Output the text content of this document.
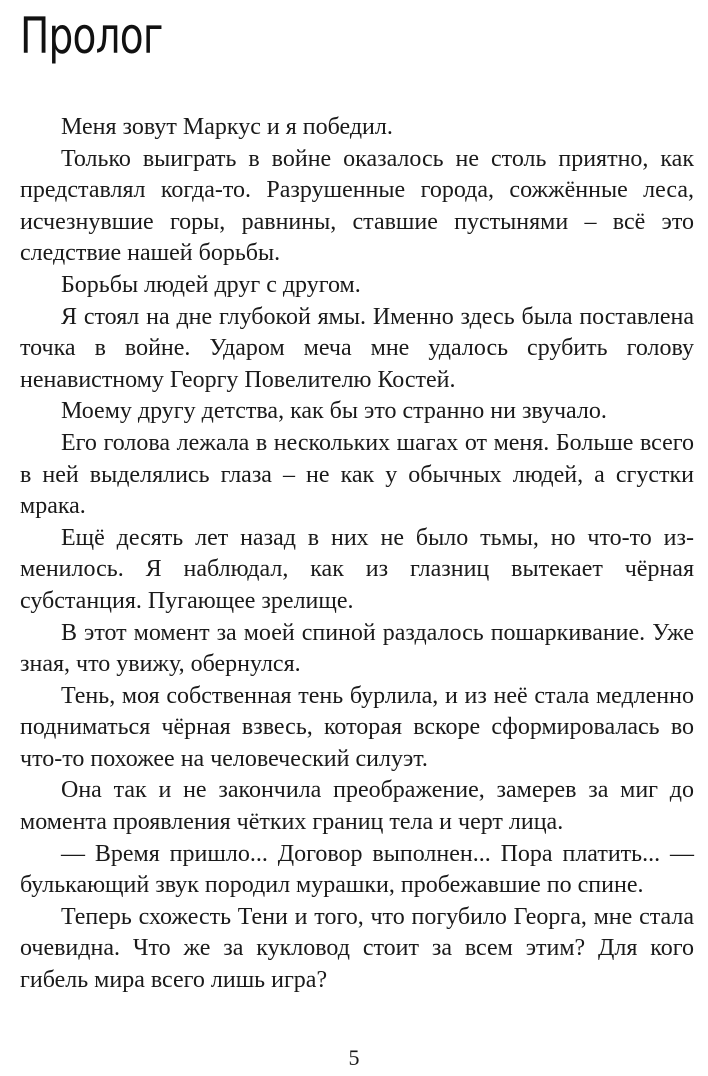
Пролог

Меня зовут Маркус и я победил.

Только выиграть в войне оказалось не столь приятно, как представлял когда-то. Разрушенные города, сожжённые леса, исчезнувшие горы, равнины, ставшие пустынями – всё это следствие нашей борьбы.

Борьбы людей друг с другом.

Я стоял на дне глубокой ямы. Именно здесь была поставлена точка в войне. Ударом меча мне удалось срубить голову ненавистному Георгу Повелителю Костей.

Моему другу детства, как бы это странно ни звучало.

Его голова лежала в нескольких шагах от меня. Больше всего в ней выделялись глаза – не как у обычных людей, а сгустки мрака.

Ещё десять лет назад в них не было тьмы, но что-то изменилось. Я наблюдал, как из глазниц вытекает чёрная субстанция. Пугающее зрелище.

В этот момент за моей спиной раздалось пошаркивание. Уже зная, что увижу, обернулся.

Тень, моя собственная тень бурлила, и из неё стала медленно подниматься чёрная взвесь, которая вскоре сформировалась во что-то похожее на человеческий силуэт.

Она так и не закончила преображение, замерев за миг до момента проявления чётких границ тела и черт лица.

— Время пришло... Договор выполнен... Пора платить... — булькающий звук породил мурашки, пробежавшие по спине.

Теперь схожесть Тени и того, что погубило Георга, мне стала очевидна. Что же за кукловод стоит за всем этим? Для кого гибель мира всего лишь игра?

5
